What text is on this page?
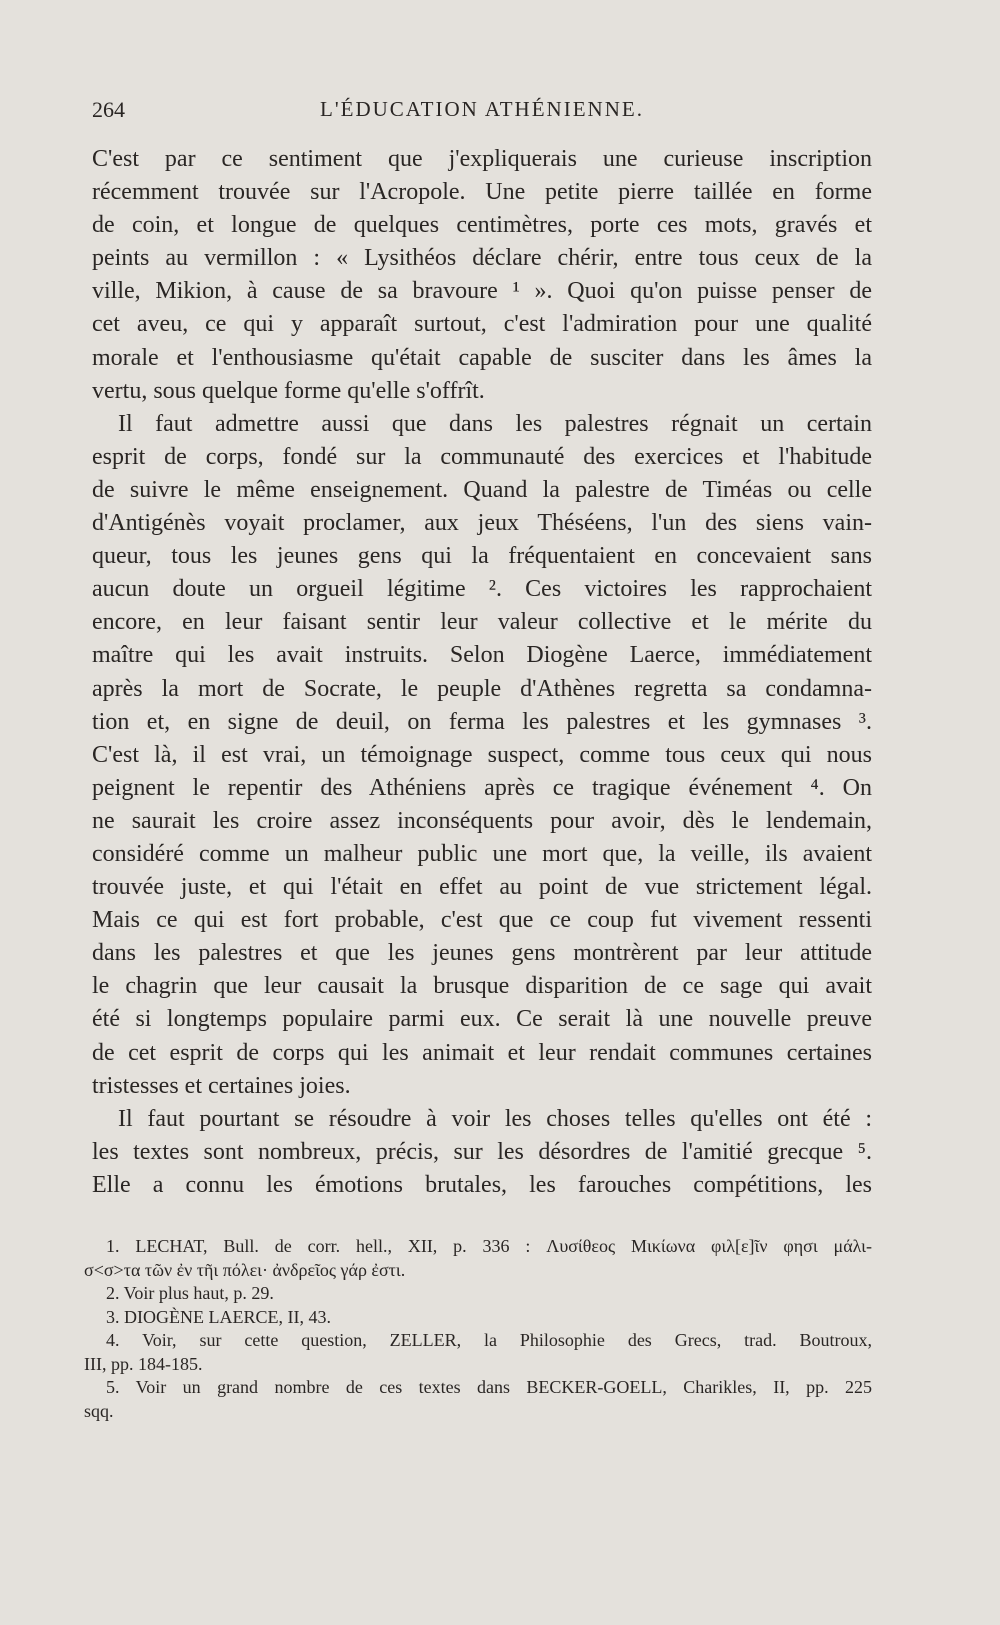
264	L'ÉDUCATION ATHÉNIENNE.
C'est par ce sentiment que j'expliquerais une curieuse inscription
récemment trouvée sur l'Acropole. Une petite pierre taillée en forme
de coin, et longue de quelques centimètres, porte ces mots, gravés et
peints au vermillon : « Lysithéos déclare chérir, entre tous ceux de la
ville, Mikion, à cause de sa bravoure ¹ ». Quoi qu'on puisse penser de
cet aveu, ce qui y apparaît surtout, c'est l'admiration pour une qualité
morale et l'enthousiasme qu'était capable de susciter dans les âmes la
vertu, sous quelque forme qu'elle s'offrît.
Il faut admettre aussi que dans les palestres régnait un certain
esprit de corps, fondé sur la communauté des exercices et l'habitude
de suivre le même enseignement. Quand la palestre de Timéas ou celle
d'Antigénès voyait proclamer, aux jeux Théséens, l'un des siens vain-
queur, tous les jeunes gens qui la fréquentaient en concevaient sans
aucun doute un orgueil légitime ². Ces victoires les rapprochaient
encore, en leur faisant sentir leur valeur collective et le mérite du
maître qui les avait instruits. Selon Diogène Laerce, immédiatement
après la mort de Socrate, le peuple d'Athènes regretta sa condamna-
tion et, en signe de deuil, on ferma les palestres et les gymnases ³.
C'est là, il est vrai, un témoignage suspect, comme tous ceux qui nous
peignent le repentir des Athéniens après ce tragique événement ⁴. On
ne saurait les croire assez inconséquents pour avoir, dès le lendemain,
considéré comme un malheur public une mort que, la veille, ils avaient
trouvée juste, et qui l'était en effet au point de vue strictement légal.
Mais ce qui est fort probable, c'est que ce coup fut vivement ressenti
dans les palestres et que les jeunes gens montrèrent par leur attitude
le chagrin que leur causait la brusque disparition de ce sage qui avait
été si longtemps populaire parmi eux. Ce serait là une nouvelle preuve
de cet esprit de corps qui les animait et leur rendait communes certaines
tristesses et certaines joies.
Il faut pourtant se résoudre à voir les choses telles qu'elles ont été :
les textes sont nombreux, précis, sur les désordres de l'amitié grecque ⁵.
Elle a connu les émotions brutales, les farouches compétitions, les
1. LECHAT, Bull. de corr. hell., XII, p. 336 : Λυσίθεος Μικίωνα φιλ[ε]ῖν φησι μάλι-
σ<σ>τα τῶν ἐν τῆι πόλει· ἀνδρεῖος γάρ ἐστι.
2. Voir plus haut, p. 29.
3. DIOGÈNE LAERCE, II, 43.
4. Voir, sur cette question, ZELLER, la Philosophie des Grecs, trad. Boutroux,
III, pp. 184-185.
5. Voir un grand nombre de ces textes dans BECKER-GOELL, Charikles, II, pp. 225
sqq.
